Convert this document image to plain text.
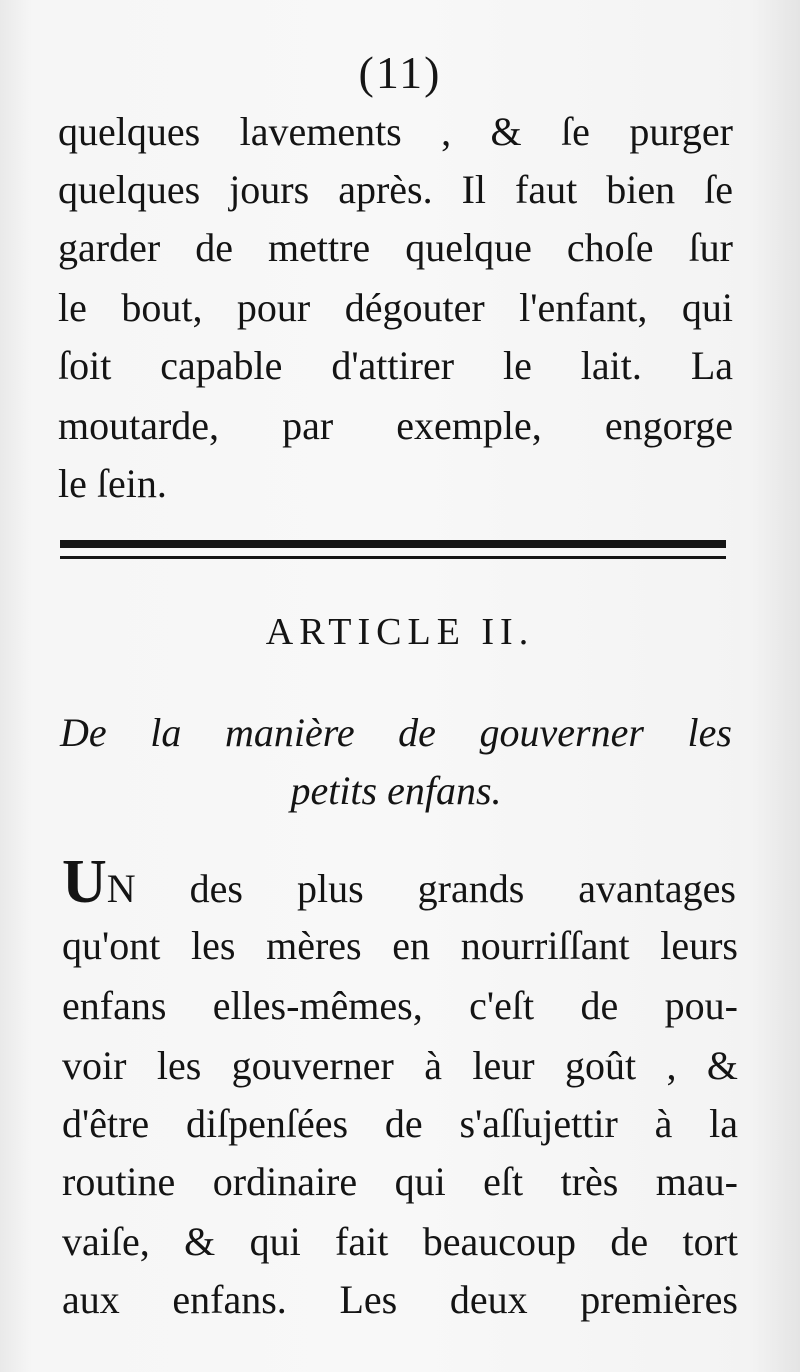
(11)
quelques lavements , & ſe purger
quelques jours après. Il faut bien ſe
garder de mettre quelque choſe ſur
le bout, pour dégouter l'enfant, qui
ſoit capable d'attirer le lait. La
moutarde, par exemple, engorge
le ſein.
ARTICLE II.
De la manière de gouverner les
petits enfans.
UN des plus grands avantages
qu'ont les mères en nourriſſant leurs
enfans elles-mêmes, c'eſt de pou-
voir les gouverner à leur goût , &
d'être diſpenſées de s'aſſujettir à la
routine ordinaire qui eſt très mau-
vaiſe, & qui fait beaucoup de tort
aux enfans. Les deux premières
